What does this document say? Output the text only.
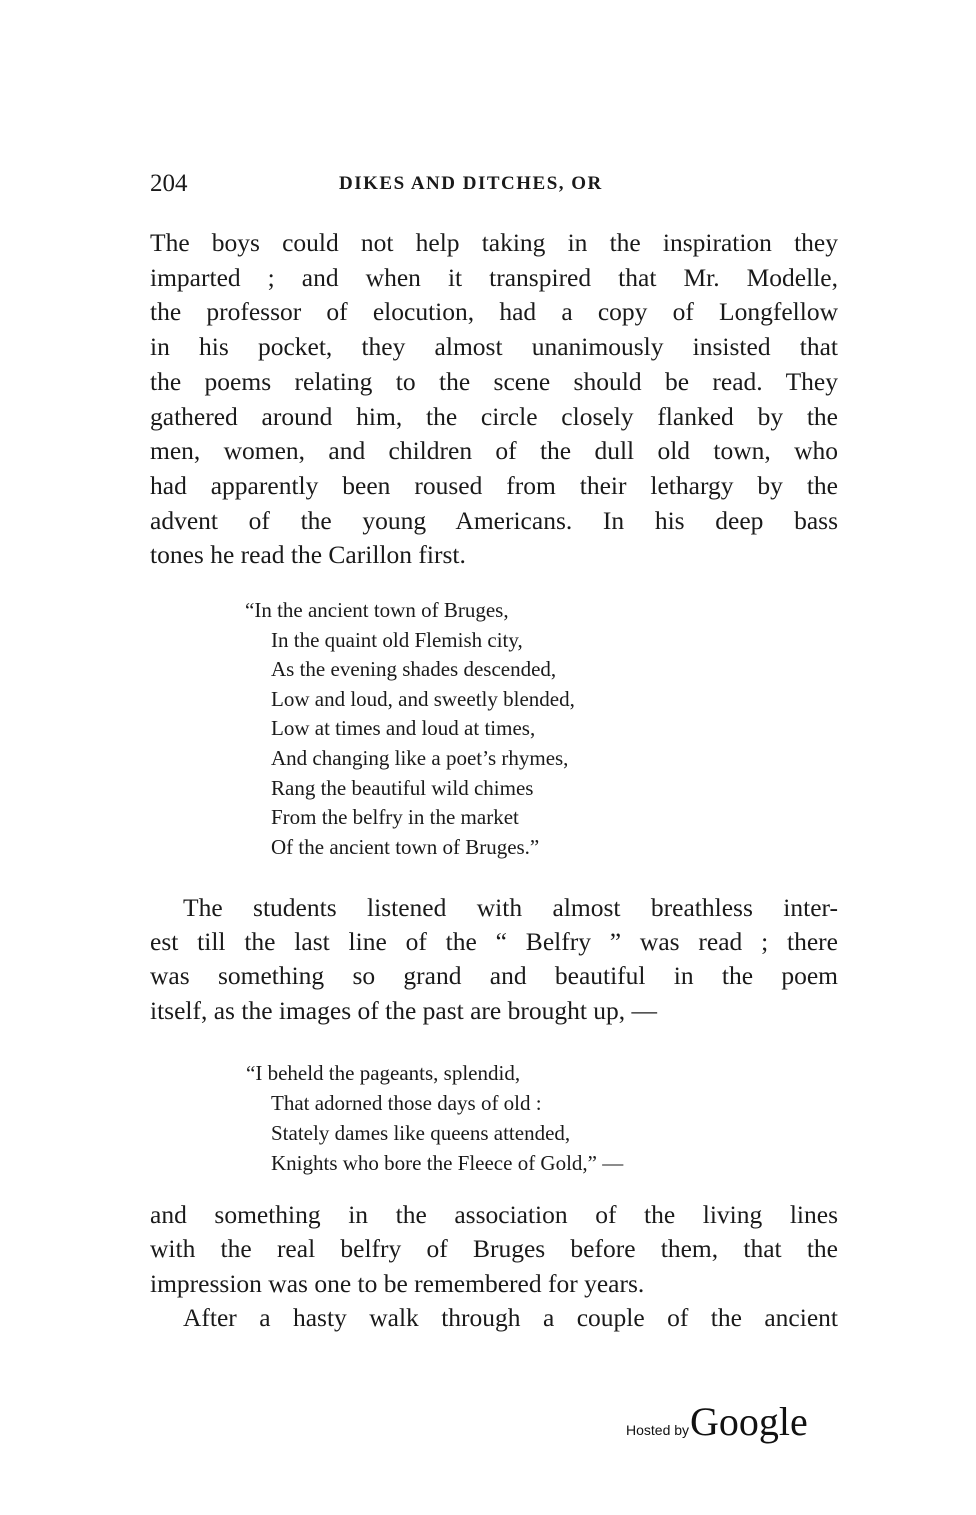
204	DIKES AND DITCHES, OR
The boys could not help taking in the inspiration they
imparted ; and when it transpired that Mr. Modelle,
the professor of elocution, had a copy of Longfellow
in his pocket, they almost unanimously insisted that
the poems relating to the scene should be read. They
gathered around him, the circle closely flanked by the
men, women, and children of the dull old town, who
had apparently been roused from their lethargy by the
advent of the young Americans. In his deep bass
tones he read the Carillon first.
“In the ancient town of Bruges,
In the quaint old Flemish city,
As the evening shades descended,
Low and loud, and sweetly blended,
Low at times and loud at times,
And changing like a poet’s rhymes,
Rang the beautiful wild chimes
From the belfry in the market
Of the ancient town of Bruges.”
The students listened with almost breathless inter-
est till the last line of the “ Belfry ” was read ; there
was something so grand and beautiful in the poem
itself, as the images of the past are brought up, —
“I beheld the pageants, splendid,
That adorned those days of old :
Stately dames like queens attended,
Knights who bore the Fleece of Gold,” —
and something in the association of the living lines
with the real belfry of Bruges before them, that the
impression was one to be remembered for years.
After a hasty walk through a couple of the ancient
Hosted by Google
